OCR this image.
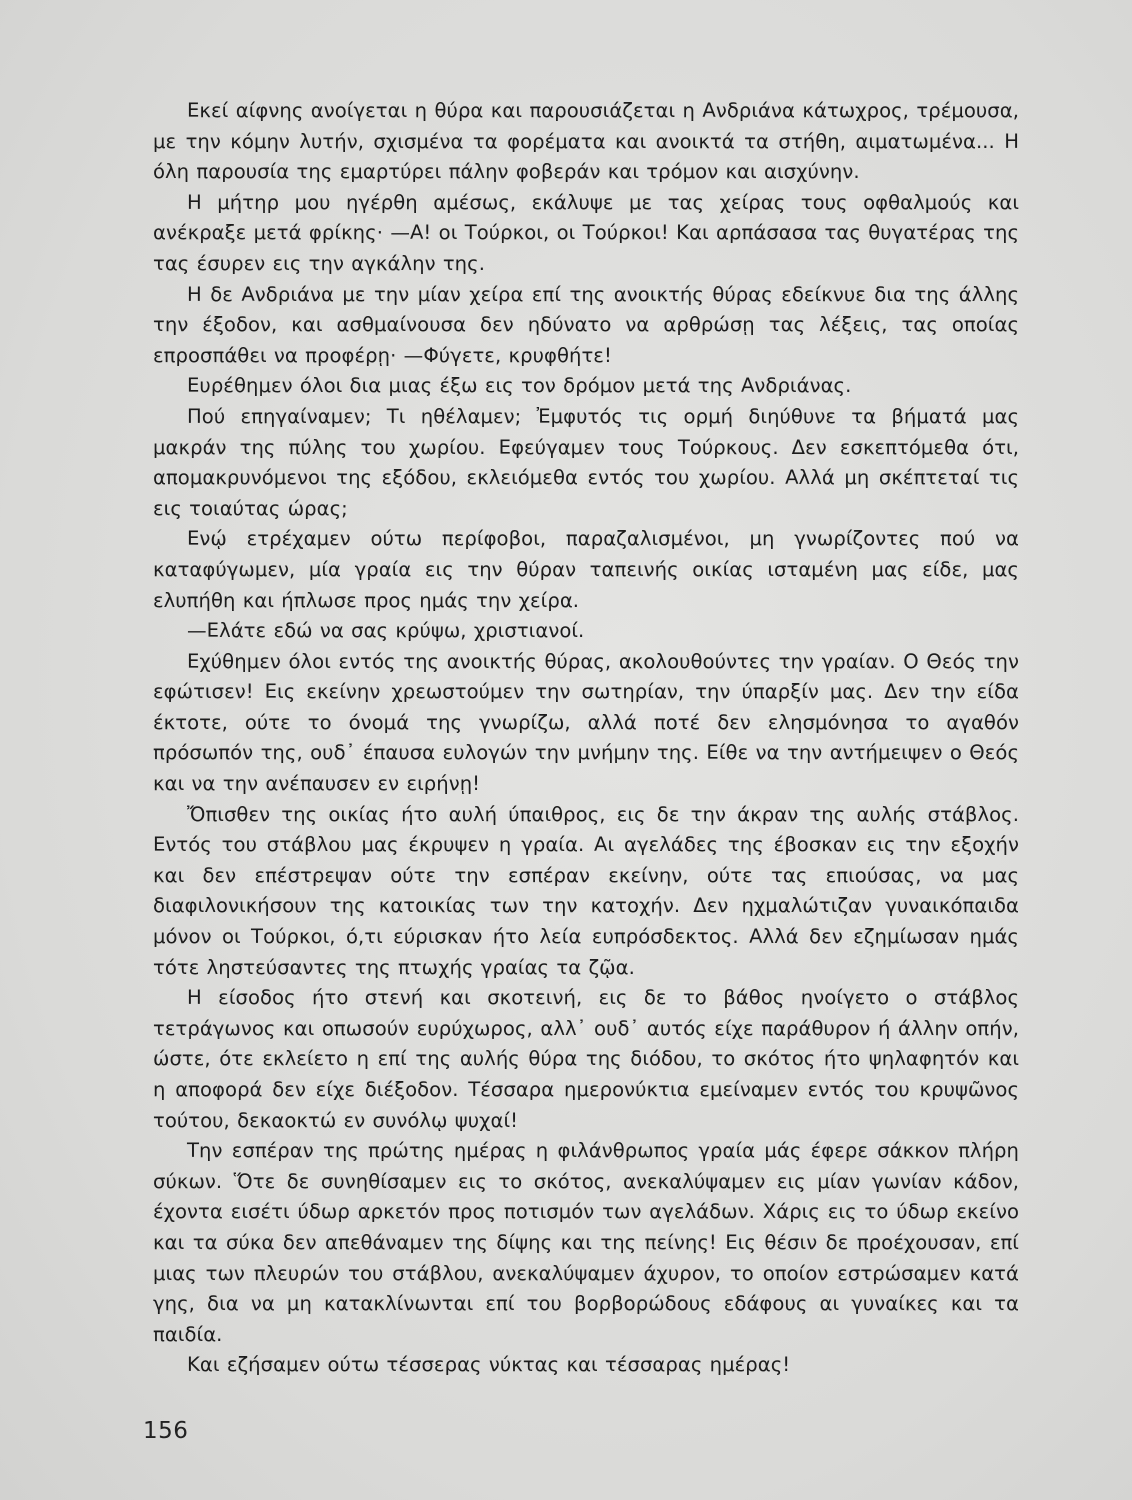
Εκεί αίφνης ανοίγεται η θύρα και παρουσιάζεται η Ανδριάνα κάτωχρος, τρέμουσα, με την κόμην λυτήν, σχισμένα τα φορέματα και ανοικτά τα στήθη, αιματωμένα... Η όλη παρουσία της εμαρτύρει πάλην φοβεράν και τρόμον και αισχύνην.

Η μήτηρ μου ηγέρθη αμέσως, εκάλυψε με τας χείρας τους οφθαλμούς και ανέκραξε μετά φρίκης· —Α! οι Τούρκοι, οι Τούρκοι! Και αρπάσασα τας θυγατέρας της τας έσυρεν εις την αγκάλην της.

Η δε Ανδριάνα με την μίαν χείρα επί της ανοικτής θύρας εδείκνυε δια της άλλης την έξοδον, και ασθμαίνουσα δεν ηδύνατο να αρθρώσῃ τας λέξεις, τας οποίας επροσπάθει να προφέρῃ· —Φύγετε, κρυφθήτε!

Ευρέθημεν όλοι δια μιας έξω εις τον δρόμον μετά της Ανδριάνας.

Πού επηγαίναμεν; Τι ηθέλαμεν; Ἐμφυτός τις ορμή διηύθυνε τα βήματά μας μακράν της πύλης του χωρίου. Εφεύγαμεν τους Τούρκους. Δεν εσκεπτόμεθα ότι, απομακρυνόμενοι της εξόδου, εκλειόμεθα εντός του χωρίου. Αλλά μη σκέπτεταί τις εις τοιαύτας ώρας;

Ενῴ ετρέχαμεν ούτω περίφοβοι, παραζαλισμένοι, μη γνωρίζοντες πού να καταφύγωμεν, μία γραία εις την θύραν ταπεινής οικίας ισταμένη μας είδε, μας ελυπήθη και ήπλωσε προς ημάς την χείρα.

—Ελάτε εδώ να σας κρύψω, χριστιανοί.

Εχύθημεν όλοι εντός της ανοικτής θύρας, ακολουθούντες την γραίαν. Ο Θεός την εφώτισεν! Εις εκείνην χρεωστούμεν την σωτηρίαν, την ύπαρξίν μας. Δεν την είδα έκτοτε, ούτε το όνομά της γνωρίζω, αλλά ποτέ δεν ελησμόνησα το αγαθόν πρόσωπόν της, ουδ᾽ έπαυσα ευλογών την μνήμην της. Είθε να την αντήμειψεν ο Θεός και να την ανέπαυσεν εν ειρήνῃ!

Ὄπισθεν της οικίας ήτο αυλή ύπαιθρος, εις δε την άκραν της αυλής στάβλος. Εντός του στάβλου μας έκρυψεν η γραία. Αι αγελάδες της έβοσκαν εις την εξοχήν και δεν επέστρεψαν ούτε την εσπέραν εκείνην, ούτε τας επιούσας, να μας διαφιλονικήσουν της κατοικίας των την κατοχήν. Δεν ηχμαλώτιζαν γυναικόπαιδα μόνον οι Τούρκοι, ό,τι εύρισκαν ήτο λεία ευπρόσδεκτος. Αλλά δεν εζημίωσαν ημάς τότε ληστεύσαντες της πτωχής γραίας τα ζῷα.

Η είσοδος ήτο στενή και σκοτεινή, εις δε το βάθος ηνοίγετο ο στάβλος τετράγωνος και οπωσούν ευρύχωρος, αλλ᾽ ουδ᾽ αυτός είχε παράθυρον ή άλλην οπήν, ώστε, ότε εκλείετο η επί της αυλής θύρα της διόδου, το σκότος ήτο ψηλαφητόν και η αποφορά δεν είχε διέξοδον. Τέσσαρα ημερονύκτια εμείναμεν εντός του κρυψῶνος τούτου, δεκαοκτώ εν συνόλῳ ψυχαί!

Την εσπέραν της πρώτης ημέρας η φιλάνθρωπος γραία μάς έφερε σάκκον πλήρη σύκων. Ὅτε δε συνηθίσαμεν εις το σκότος, ανεκαλύψαμεν εις μίαν γωνίαν κάδον, έχοντα εισέτι ύδωρ αρκετόν προς ποτισμόν των αγελάδων. Χάρις εις το ύδωρ εκείνο και τα σύκα δεν απεθάναμεν της δίψης και της πείνης! Εις θέσιν δε προέχουσαν, επί μιας των πλευρών του στάβλου, ανεκαλύψαμεν άχυρον, το οποίον εστρώσαμεν κατά γης, δια να μη κατακλίνωνται επί του βορβορώδους εδάφους αι γυναίκες και τα παιδία.

Και εζήσαμεν ούτω τέσσερας νύκτας και τέσσαρας ημέρας!

156
